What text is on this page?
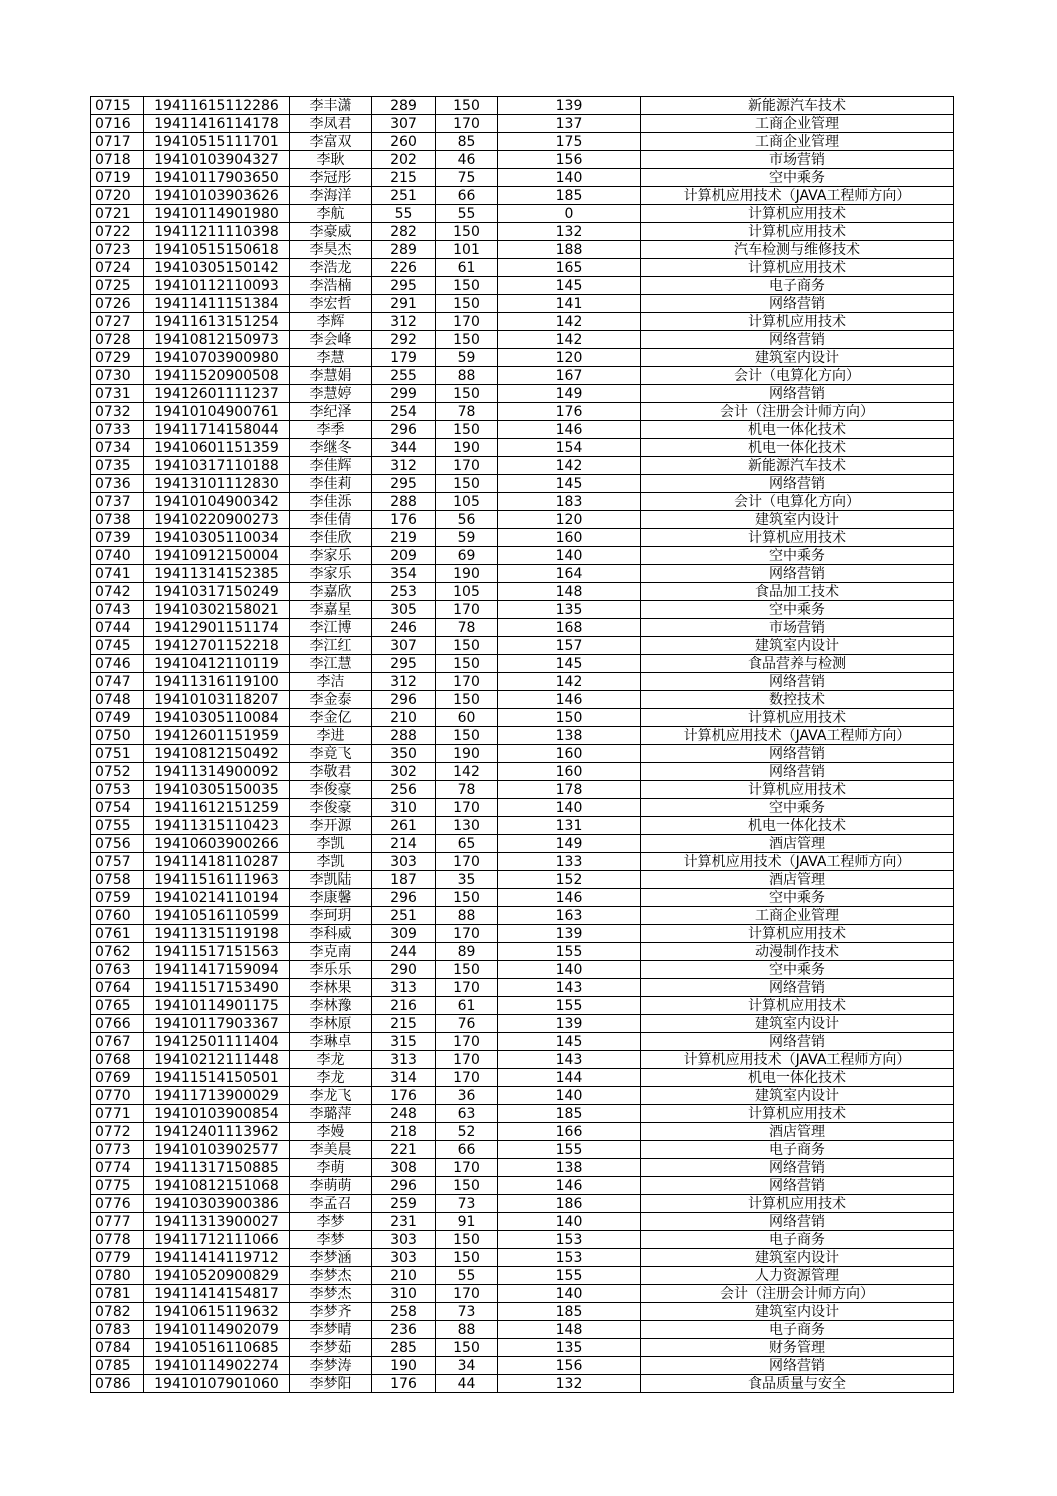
0715	19411615112286	李丰潇	289	150	139	新能源汽车技术
0716	19411416114178	李凤君	307	170	137	工商企业管理
0717	19410515111701	李富双	260	85	175	工商企业管理
0718	19410103904327	李耿	202	46	156	市场营销
0719	19410117903650	李冠彤	215	75	140	空中乘务
0720	19410103903626	李海洋	251	66	185	计算机应用技术（JAVA工程师方向）
0721	19410114901980	李航	55	55	0	计算机应用技术
0722	19411211110398	李豪威	282	150	132	计算机应用技术
0723	19410515150618	李昊杰	289	101	188	汽车检测与维修技术
0724	19410305150142	李浩龙	226	61	165	计算机应用技术
0725	19410112110093	李浩楠	295	150	145	电子商务
0726	19411411151384	李宏哲	291	150	141	网络营销
0727	19411613151254	李辉	312	170	142	计算机应用技术
0728	19410812150973	李会峰	292	150	142	网络营销
0729	19410703900980	李慧	179	59	120	建筑室内设计
0730	19411520900508	李慧娟	255	88	167	会计（电算化方向）
0731	19412601111237	李慧婷	299	150	149	网络营销
0732	19410104900761	李纪泽	254	78	176	会计（注册会计师方向）
0733	19411714158044	李季	296	150	146	机电一体化技术
0734	19410601151359	李继冬	344	190	154	机电一体化技术
0735	19410317110188	李佳辉	312	170	142	新能源汽车技术
0736	19413101112830	李佳莉	295	150	145	网络营销
0737	19410104900342	李佳泺	288	105	183	会计（电算化方向）
0738	19410220900273	李佳倩	176	56	120	建筑室内设计
0739	19410305110034	李佳欣	219	59	160	计算机应用技术
0740	19410912150004	李家乐	209	69	140	空中乘务
0741	19411314152385	李家乐	354	190	164	网络营销
0742	19410317150249	李嘉欣	253	105	148	食品加工技术
0743	19410302158021	李嘉星	305	170	135	空中乘务
0744	19412901151174	李江博	246	78	168	市场营销
0745	19412701152218	李江红	307	150	157	建筑室内设计
0746	19410412110119	李江慧	295	150	145	食品营养与检测
0747	19411316119100	李洁	312	170	142	网络营销
0748	19410103118207	李金泰	296	150	146	数控技术
0749	19410305110084	李金亿	210	60	150	计算机应用技术
0750	19412601151959	李进	288	150	138	计算机应用技术（JAVA工程师方向）
0751	19410812150492	李竟飞	350	190	160	网络营销
0752	19411314900092	李敬君	302	142	160	网络营销
0753	19410305150035	李俊豪	256	78	178	计算机应用技术
0754	19411612151259	李俊豪	310	170	140	空中乘务
0755	19411315110423	李开源	261	130	131	机电一体化技术
0756	19410603900266	李凯	214	65	149	酒店管理
0757	19411418110287	李凯	303	170	133	计算机应用技术（JAVA工程师方向）
0758	19411516111963	李凯陆	187	35	152	酒店管理
0759	19410214110194	李康馨	296	150	146	空中乘务
0760	19410516110599	李珂玥	251	88	163	工商企业管理
0761	19411315119198	李科威	309	170	139	计算机应用技术
0762	19411517151563	李克南	244	89	155	动漫制作技术
0763	19411417159094	李乐乐	290	150	140	空中乘务
0764	19411517153490	李林果	313	170	143	网络营销
0765	19410114901175	李林豫	216	61	155	计算机应用技术
0766	19410117903367	李林原	215	76	139	建筑室内设计
0767	19412501111404	李琳卓	315	170	145	网络营销
0768	19410212111448	李龙	313	170	143	计算机应用技术（JAVA工程师方向）
0769	19411514150501	李龙	314	170	144	机电一体化技术
0770	19411713900029	李龙飞	176	36	140	建筑室内设计
0771	19410103900854	李璐萍	248	63	185	计算机应用技术
0772	19412401113962	李嫚	218	52	166	酒店管理
0773	19410103902577	李美晨	221	66	155	电子商务
0774	19411317150885	李萌	308	170	138	网络营销
0775	19410812151068	李萌萌	296	150	146	网络营销
0776	19410303900386	李孟召	259	73	186	计算机应用技术
0777	19411313900027	李梦	231	91	140	网络营销
0778	19411712111066	李梦	303	150	153	电子商务
0779	19411414119712	李梦涵	303	150	153	建筑室内设计
0780	19410520900829	李梦杰	210	55	155	人力资源管理
0781	19411414154817	李梦杰	310	170	140	会计（注册会计师方向）
0782	19410615119632	李梦齐	258	73	185	建筑室内设计
0783	19410114902079	李梦晴	236	88	148	电子商务
0784	19410516110685	李梦茹	285	150	135	财务管理
0785	19410114902274	李梦涛	190	34	156	网络营销
0786	19410107901060	李梦阳	176	44	132	食品质量与安全
